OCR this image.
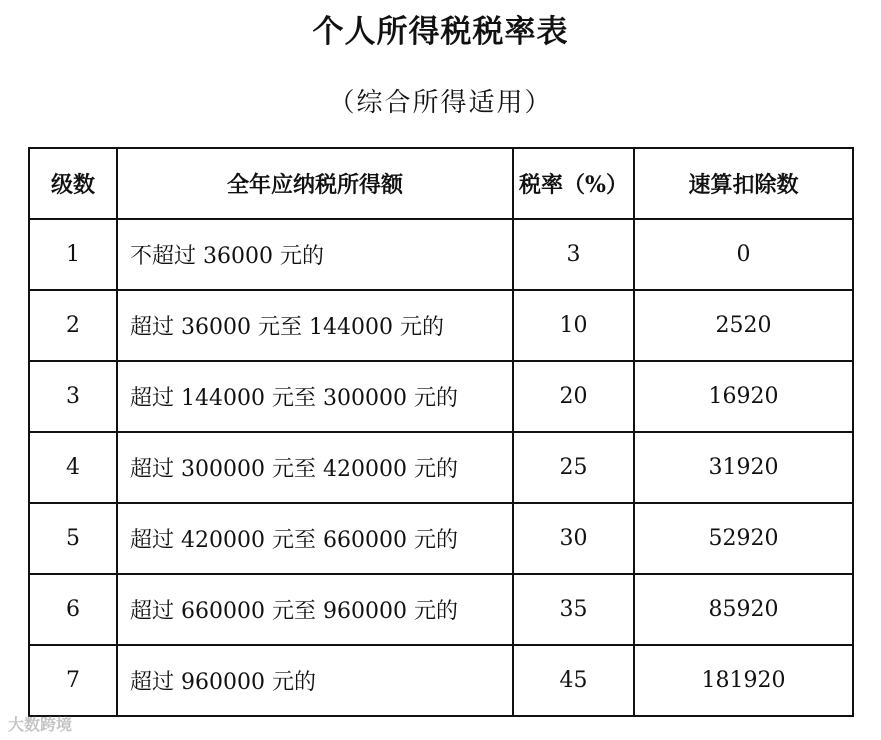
个人所得税税率表
（综合所得适用）
级数	全年应纳税所得额	税率（%）	速算扣除数
1	不超过 36000 元的	3	0
2	超过 36000 元至 144000 元的	10	2520
3	超过 144000 元至 300000 元的	20	16920
4	超过 300000 元至 420000 元的	25	31920
5	超过 420000 元至 660000 元的	30	52920
6	超过 660000 元至 960000 元的	35	85920
7	超过 960000 元的	45	181920
大数跨境
